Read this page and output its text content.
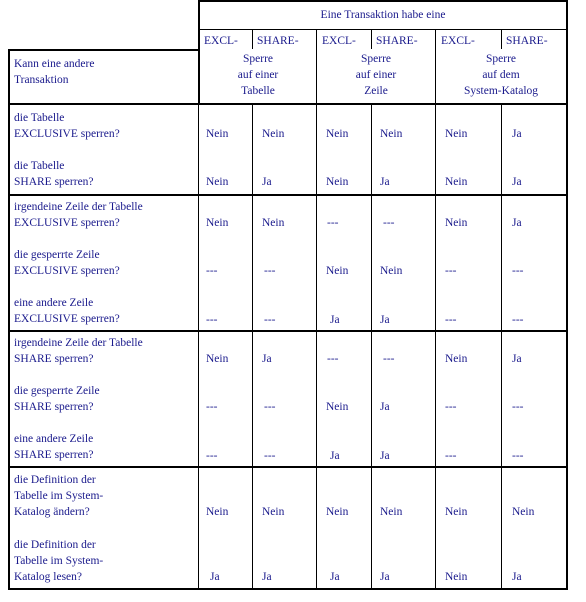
Eine Transaktion habe eine
Kann eine andere
Transaktion
EXCL- SHARE-
Sperre
auf einer
Tabelle
EXCL- SHARE-
Sperre
auf einer
Zeile
EXCL-	SHARE-
Sperre
auf dem
System-Katalog
die Tabelle
EXCLUSIVE sperren?	Nein	Nein	Nein	Nein	Nein	Ja
die Tabelle
SHARE sperren?	Nein	Ja	Nein	Ja	Nein	Ja
irgendeine Zeile der Tabelle
EXCLUSIVE sperren?	Nein	Nein	---	---	Nein	Ja
die gesperrte Zeile
EXCLUSIVE sperren?	---	---	Nein	Nein	---	---
eine andere Zeile
EXCLUSIVE sperren?	---	---	Ja	Ja	---	---
irgendeine Zeile der Tabelle
SHARE sperren?	Nein	Ja	---	---	Nein	Ja
die gesperrte Zeile
SHARE sperren?	---	---	Nein	Ja	---	---
eine andere Zeile
SHARE sperren?	---	---	Ja	Ja	---	---
die Definition der
Tabelle im System-
Katalog ändern?	Nein	Nein	Nein	Nein	Nein	Nein
die Definition der
Tabelle im System-
Katalog lesen?	Ja	Ja	Ja	Ja	Nein	Ja
